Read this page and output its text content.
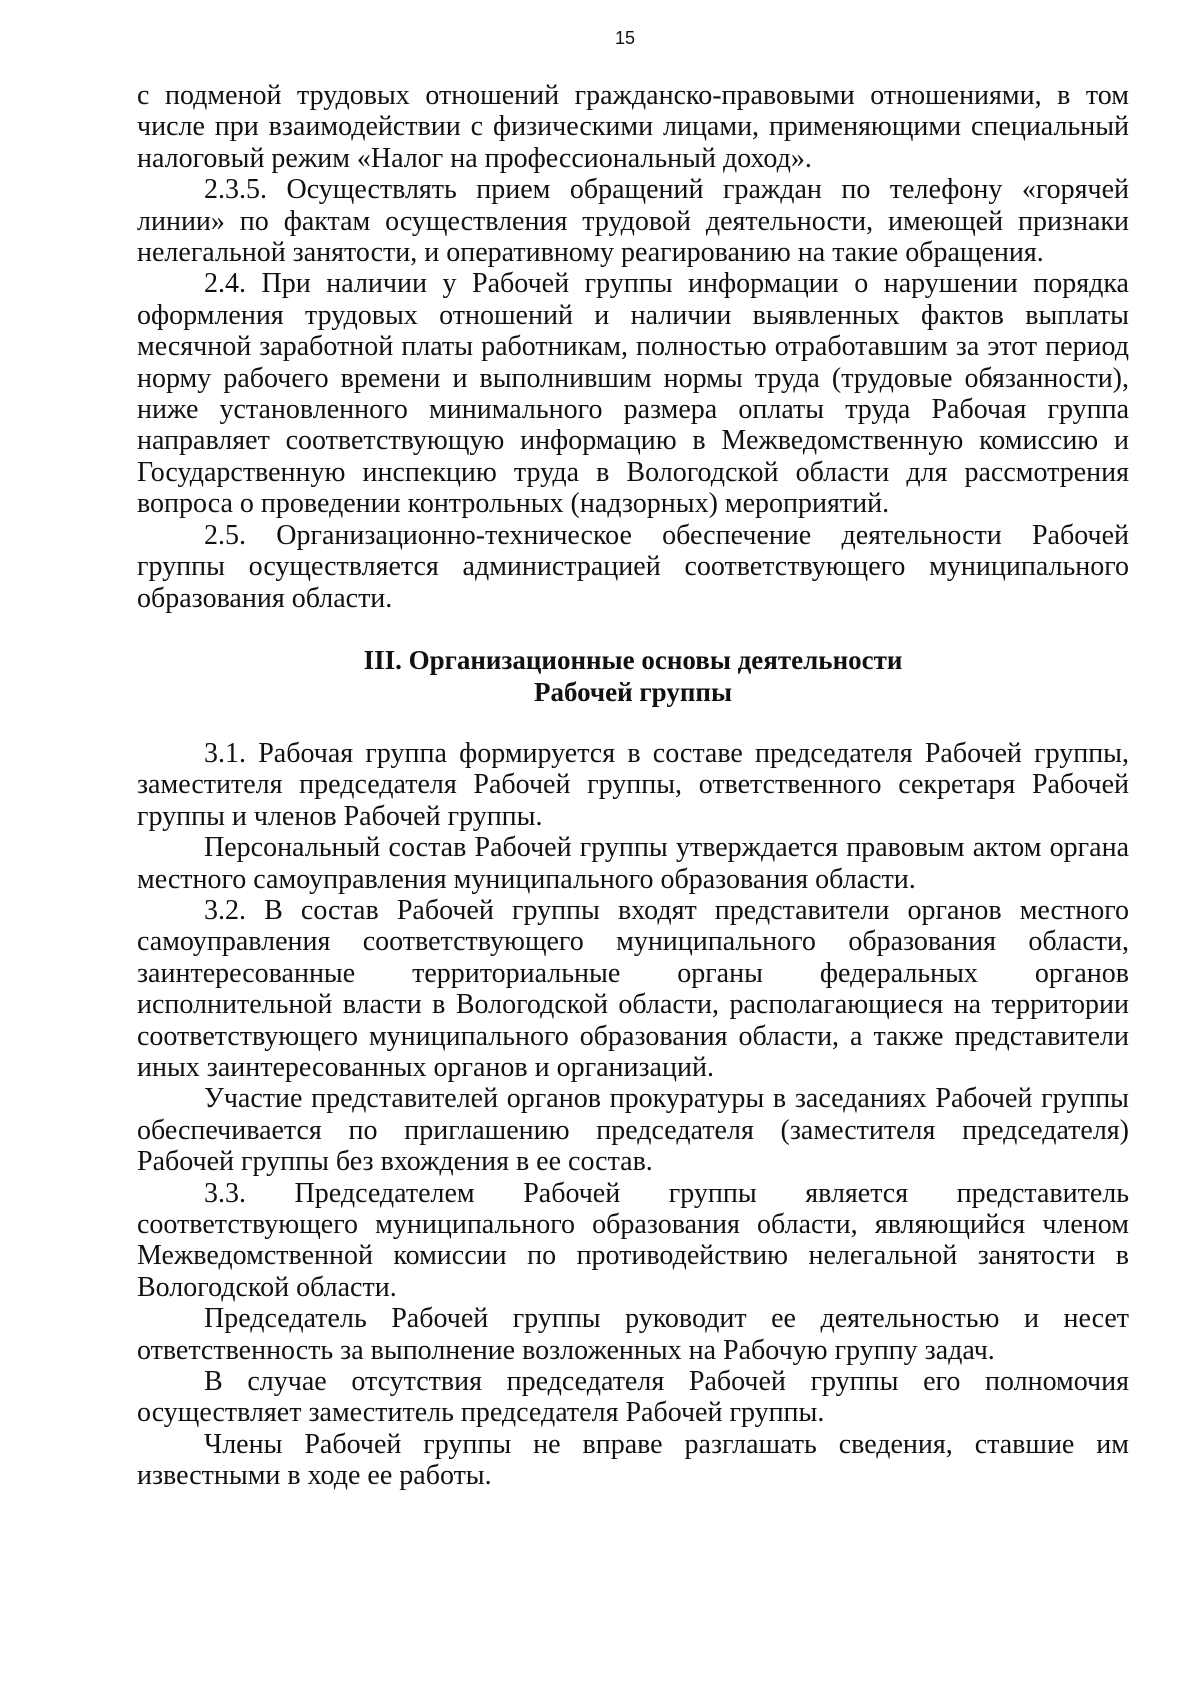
15

с подменой трудовых отношений гражданско-правовыми отношениями, в том числе при взаимодействии с физическими лицами, применяющими специальный налоговый режим «Налог на профессиональный доход».

2.3.5. Осуществлять прием обращений граждан по телефону «горячей линии» по фактам осуществления трудовой деятельности, имеющей признаки нелегальной занятости, и оперативному реагированию на такие обращения.

2.4. При наличии у Рабочей группы информации о нарушении порядка оформления трудовых отношений и наличии выявленных фактов выплаты месячной заработной платы работникам, полностью отработавшим за этот период норму рабочего времени и выполнившим нормы труда (трудовые обязанности), ниже установленного минимального размера оплаты труда Рабочая группа направляет соответствующую информацию в Межведомственную комиссию и Государственную инспекцию труда в Вологодской области для рассмотрения вопроса о проведении контрольных (надзорных) мероприятий.

2.5. Организационно-техническое обеспечение деятельности Рабочей группы осуществляется администрацией соответствующего муниципального образования области.

III. Организационные основы деятельности
Рабочей группы

3.1. Рабочая группа формируется в составе председателя Рабочей группы, заместителя председателя Рабочей группы, ответственного секретаря Рабочей группы и членов Рабочей группы.

Персональный состав Рабочей группы утверждается правовым актом органа местного самоуправления муниципального образования области.

3.2. В состав Рабочей группы входят представители органов местного самоуправления соответствующего муниципального образования области, заинтересованные территориальные органы федеральных органов исполнительной власти в Вологодской области, располагающиеся на территории соответствующего муниципального образования области, а также представители иных заинтересованных органов и организаций.

Участие представителей органов прокуратуры в заседаниях Рабочей группы обеспечивается по приглашению председателя (заместителя председателя) Рабочей группы без вхождения в ее состав.

3.3. Председателем Рабочей группы является представитель соответствующего муниципального образования области, являющийся членом Межведомственной комиссии по противодействию нелегальной занятости в Вологодской области.

Председатель Рабочей группы руководит ее деятельностью и несет ответственность за выполнение возложенных на Рабочую группу задач.

В случае отсутствия председателя Рабочей группы его полномочия осуществляет заместитель председателя Рабочей группы.

Члены Рабочей группы не вправе разглашать сведения, ставшие им известными в ходе ее работы.
